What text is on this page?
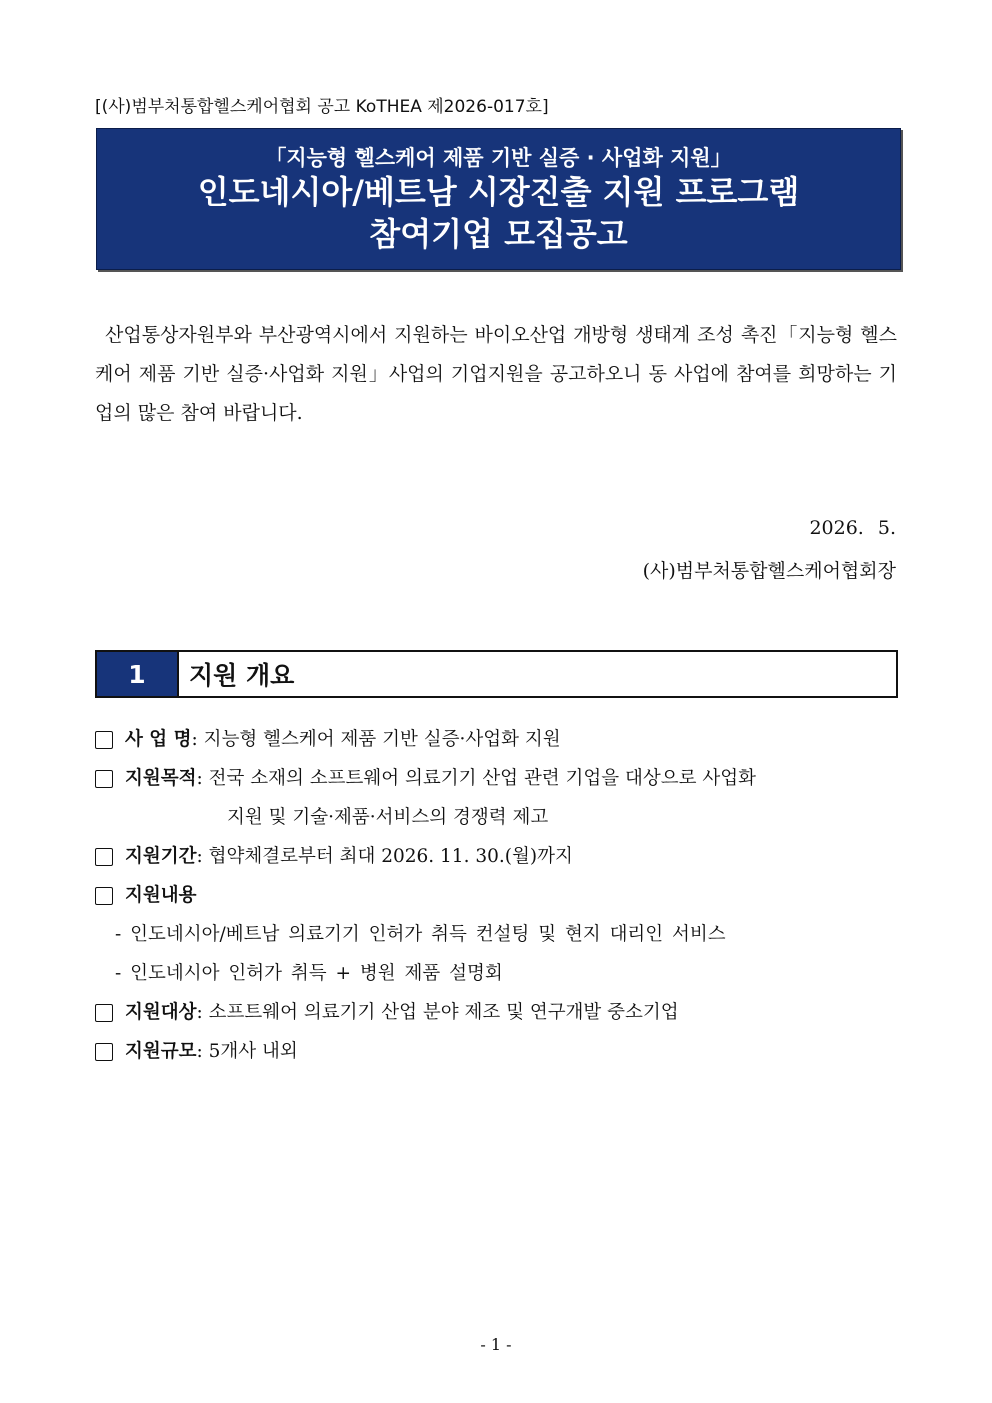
[(사)범부처통합헬스케어협회 공고 KoTHEA 제2026-017호]
「지능형 헬스케어 제품 기반 실증 · 사업화 지원」
인도네시아/베트남 시장진출 지원 프로그램
참여기업 모집공고
산업통상자원부와 부산광역시에서 지원하는 바이오산업 개방형 생태계 조성 촉진「지능형 헬스케어 제품 기반 실증·사업화 지원」사업의 기업지원을 공고하오니 동 사업에 참여를 희망하는 기업의 많은 참여 바랍니다.
2026. 5.
(사)범부처통합헬스케어협회장
1	지원 개요
사 업 명 : 지능형 헬스케어 제품 기반 실증·사업화 지원
지원목적 : 전국 소재의 소프트웨어 의료기기 산업 관련 기업을 대상으로 사업화
지원 및 기술·제품·서비스의 경쟁력 제고
지원기간 : 협약체결로부터 최대 2026. 11. 30.(월)까지
지원내용
- 인도네시아/베트남 의료기기 인허가 취득 컨설팅 및 현지 대리인 서비스
- 인도네시아 인허가 취득 + 병원 제품 설명회
지원대상 : 소프트웨어 의료기기 산업 분야 제조 및 연구개발 중소기업
지원규모 : 5개사 내외
- 1 -
